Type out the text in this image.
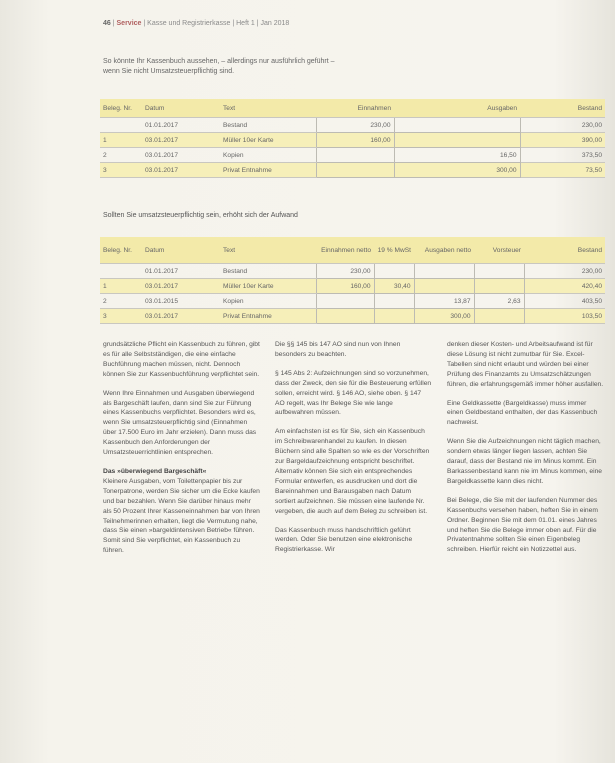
46 | Service | Kasse und Registrierkasse | Heft 1 | Jan 2018
So könnte Ihr Kassenbuch aussehen, – allerdings nur ausführlich geführt – wenn Sie nicht Umsatzsteuerpflichtig sind.
Beleg. Nr.	Datum	Text	Einnahmen	Ausgaben	Bestand
	01.01.2017	Bestand	230,00		230,00
1	03.01.2017	Müller 10er Karte	160,00		390,00
2	03.01.2017	Kopien		16,50	373,50
3	03.01.2017	Privat Entnahme		300,00	73,50
Sollten Sie umsatzsteuerpflichtig sein, erhöht sich der Aufwand
Beleg. Nr.	Datum	Text	Einnahmen netto	19 % MwSt	Ausgaben netto	Vorsteuer	Bestand
	01.01.2017	Bestand	230,00				230,00
1	03.01.2017	Müller 10er Karte	160,00	30,40			420,40
2	03.01.2015	Kopien			13,87	2,63	403,50
3	03.01.2017	Privat Entnahme			300,00		103,50

grundsätzliche Pflicht ein Kassenbuch zu führen, gibt es für alle Selbstständigen, die eine einfache Buchführung machen müssen, nicht. Dennoch können Sie zur Kassenbuchführung verpflichtet sein.

Wenn Ihre Einnahmen und Ausgaben überwiegend als Bargeschäft laufen, dann sind Sie zur Führung eines Kassenbuchs verpflichtet. Besonders wird es, wenn Sie umsatzsteuerpflichtig sind (Einnahmen über 17.500 Euro im Jahr erzielen). Dann muss das Kassenbuch den Anforderungen der Umsatzsteuerrichtlinien entsprechen.

Das »überwiegend Bargeschäft«

Kleinere Ausgaben, vom Toilettenpapier bis zur Tonerpatrone, werden Sie sicher um die Ecke kaufen und bar bezahlen. Wenn Sie darüber hinaus mehr als 50 Prozent Ihrer Kasseneinnahmen bar von Ihren Teilnehmerinnen erhalten, liegt die Vermutung nahe, dass Sie einen »bargeldintensiven Betrieb« führen. Somit sind Sie verpflichtet, ein Kassenbuch zu führen.

Die §§ 145 bis 147 AO sind nun von Ihnen besonders zu beachten.

§ 145 Abs 2: Aufzeichnungen sind so vorzunehmen, dass der Zweck, den sie für die Besteuerung erfüllen sollen, erreicht wird. § 146 AO, siehe oben. § 147 AO regelt, was Ihr Belege Sie wie lange aufbewahren müssen.

Am einfachsten ist es für Sie, sich ein Kassenbuch im Schreibwarenhandel zu kaufen. In diesen Büchern sind alle Spalten so wie es der Vorschriften zur Bargeldaufzeichnung entspricht beschriftet. Alternativ können Sie sich ein entsprechendes Formular entwerfen, es ausdrucken und dort die Bareinnahmen und Barausgaben nach Datum sortiert aufzeichnen. Sie müssen eine laufende Nr. vergeben, die auch auf dem Beleg zu schreiben ist.

Das Kassenbuch muss handschriftlich geführt werden. Oder Sie benutzen eine elektronische Registrierkasse. Wir

denken dieser Kosten- und Arbeitsaufwand ist für diese Lösung ist nicht zumutbar für Sie. Excel-Tabellen sind nicht erlaubt und würden bei einer Prüfung des Finanzamts zu Umsatzschätzungen führen, die erfahrungsgemäß immer höher ausfallen.

Eine Geldkassette (Bargeldkasse) muss immer einen Geldbestand enthalten, der das Kassenbuch nachweist.

Wenn Sie die Aufzeichnungen nicht täglich machen, sondern etwas länger liegen lassen, achten Sie darauf, dass der Bestand nie im Minus kommt. Ein Barkassenbestand kann nie im Minus kommen, eine Bargeldkassette kann dies nicht.

Bei Belege, die Sie mit der laufenden Nummer des Kassenbuchs versehen haben, heften Sie in einem Ordner. Beginnen Sie mit dem 01.01. eines Jahres und heften Sie die Belege immer oben auf. Für die Privatentnahme sollten Sie einen Eigenbeleg schreiben. Hierfür reicht ein Notizzettel aus.
